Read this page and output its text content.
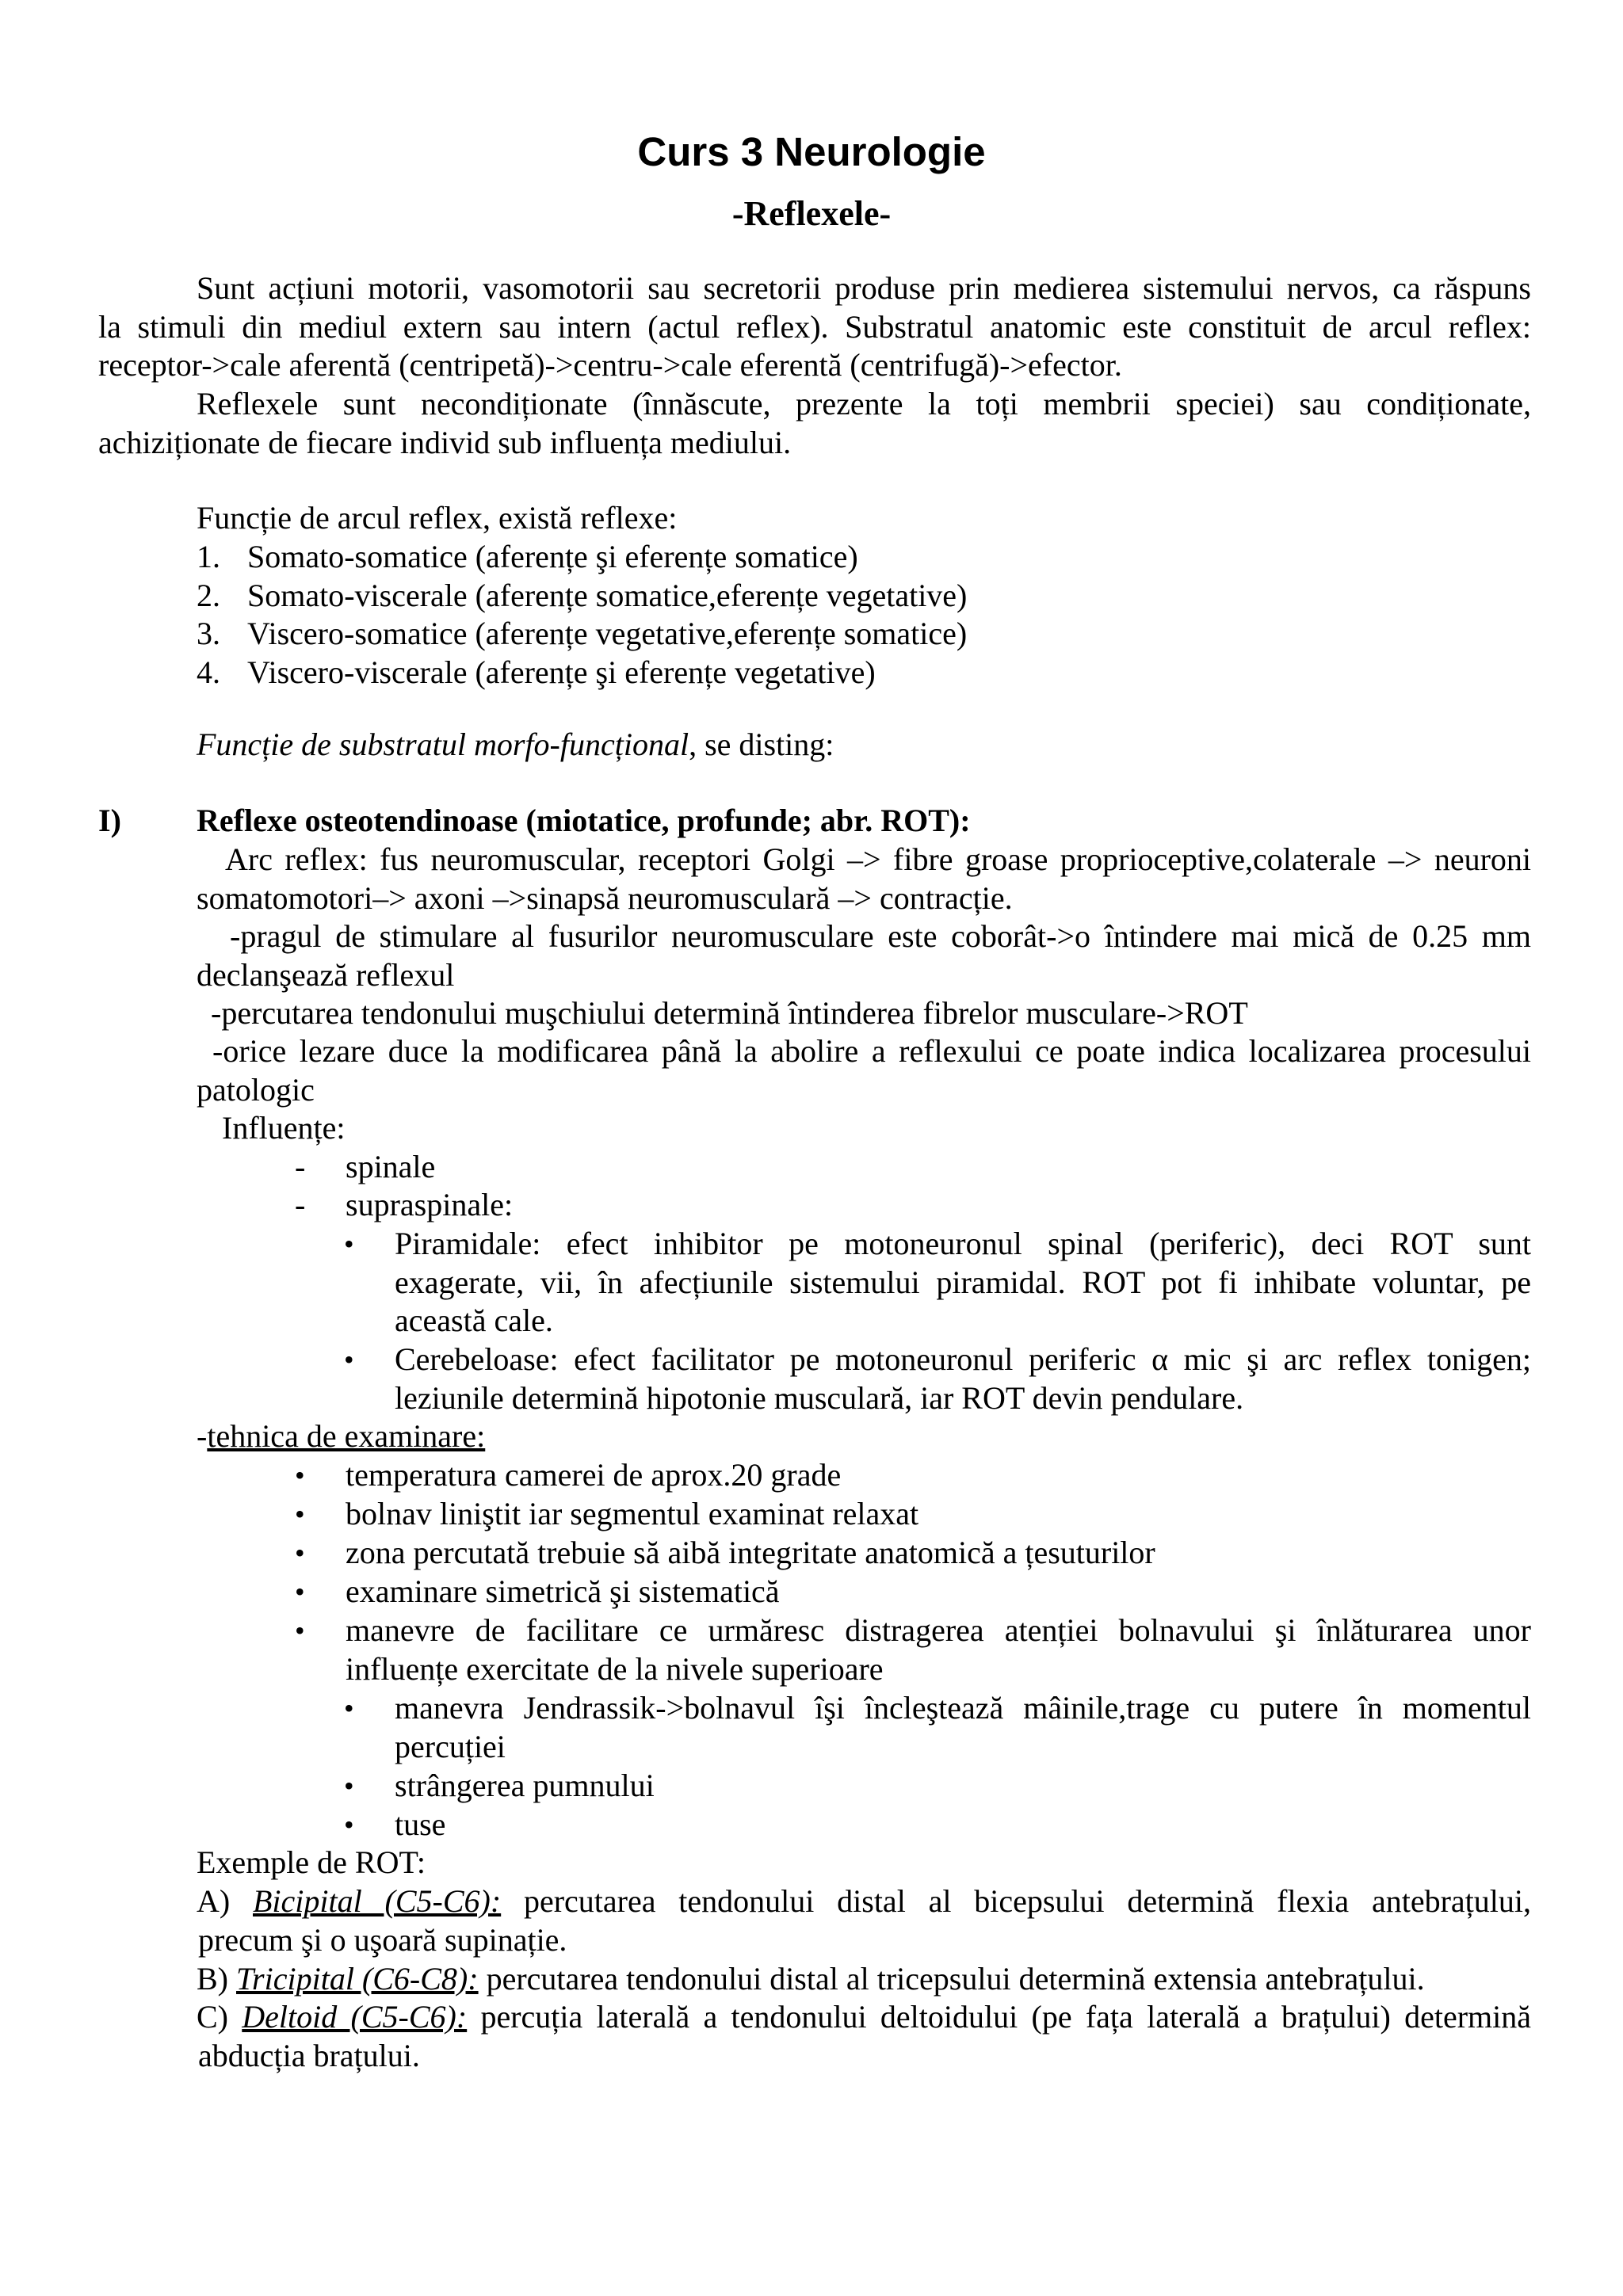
Curs 3 Neurologie
-Reflexele-
Sunt acțiuni motorii, vasomotorii sau secretorii produse prin medierea sistemului nervos, ca răspuns
la stimuli din mediul extern sau intern (actul reflex). Substratul anatomic este constituit de arcul reflex:
receptor->cale aferentă (centripetă)->centru->cale eferentă (centrifugă)->efector.
Reflexele sunt necondiționate (înnăscute, prezente la toți membrii speciei) sau condiționate,
achiziționate de fiecare individ sub influența mediului.
Funcție de arcul reflex, există reflexe:
1. Somato-somatice (aferențe şi eferențe somatice)
2. Somato-viscerale (aferențe somatice,eferențe vegetative)
3. Viscero-somatice (aferențe vegetative,eferențe somatice)
4. Viscero-viscerale (aferențe şi eferențe vegetative)
Funcție de substratul morfo-funcțional, se disting:
I) Reflexe osteotendinoase (miotatice, profunde; abr. ROT):
Arc reflex: fus neuromuscular, receptori Golgi –> fibre groase proprioceptive,colaterale –> neuroni
somatomotori–> axoni –>sinapsă neuromusculară –> contracție.
-pragul de stimulare al fusurilor neuromusculare este coborât->o întindere mai mică de 0.25 mm
declanşează reflexul
-percutarea tendonului muşchiului determină întinderea fibrelor musculare->ROT
-orice lezare duce la modificarea până la abolire a reflexului ce poate indica localizarea procesului
patologic
Influențe:
- spinale
- supraspinale:
• Piramidale: efect inhibitor pe motoneuronul spinal (periferic), deci ROT sunt
exagerate, vii, în afecțiunile sistemului piramidal. ROT pot fi inhibate voluntar, pe
această cale.
• Cerebeloase: efect facilitator pe motoneuronul periferic α mic şi arc reflex tonigen;
leziunile determină hipotonie musculară, iar ROT devin pendulare.
-tehnica de examinare:
• temperatura camerei de aprox.20 grade
• bolnav liniştit iar segmentul examinat relaxat
• zona percutată trebuie să aibă integritate anatomică a țesuturilor
• examinare simetrică şi sistematică
• manevre de facilitare ce urmăresc distragerea atenției bolnavului şi înlăturarea unor
influențe exercitate de la nivele superioare
• manevra Jendrassik->bolnavul îşi încleştează mâinile,trage cu putere în momentul
percuției
• strângerea pumnului
• tuse
Exemple de ROT:
A) Bicipital (C5-C6): percutarea tendonului distal al bicepsului determină flexia antebrațului,
precum şi o uşoară supinație.
B) Tricipital (C6-C8): percutarea tendonului distal al tricepsului determină extensia antebrațului.
C) Deltoid (C5-C6): percuția laterală a tendonului deltoidului (pe fața laterală a brațului) determină
abducția brațului.
